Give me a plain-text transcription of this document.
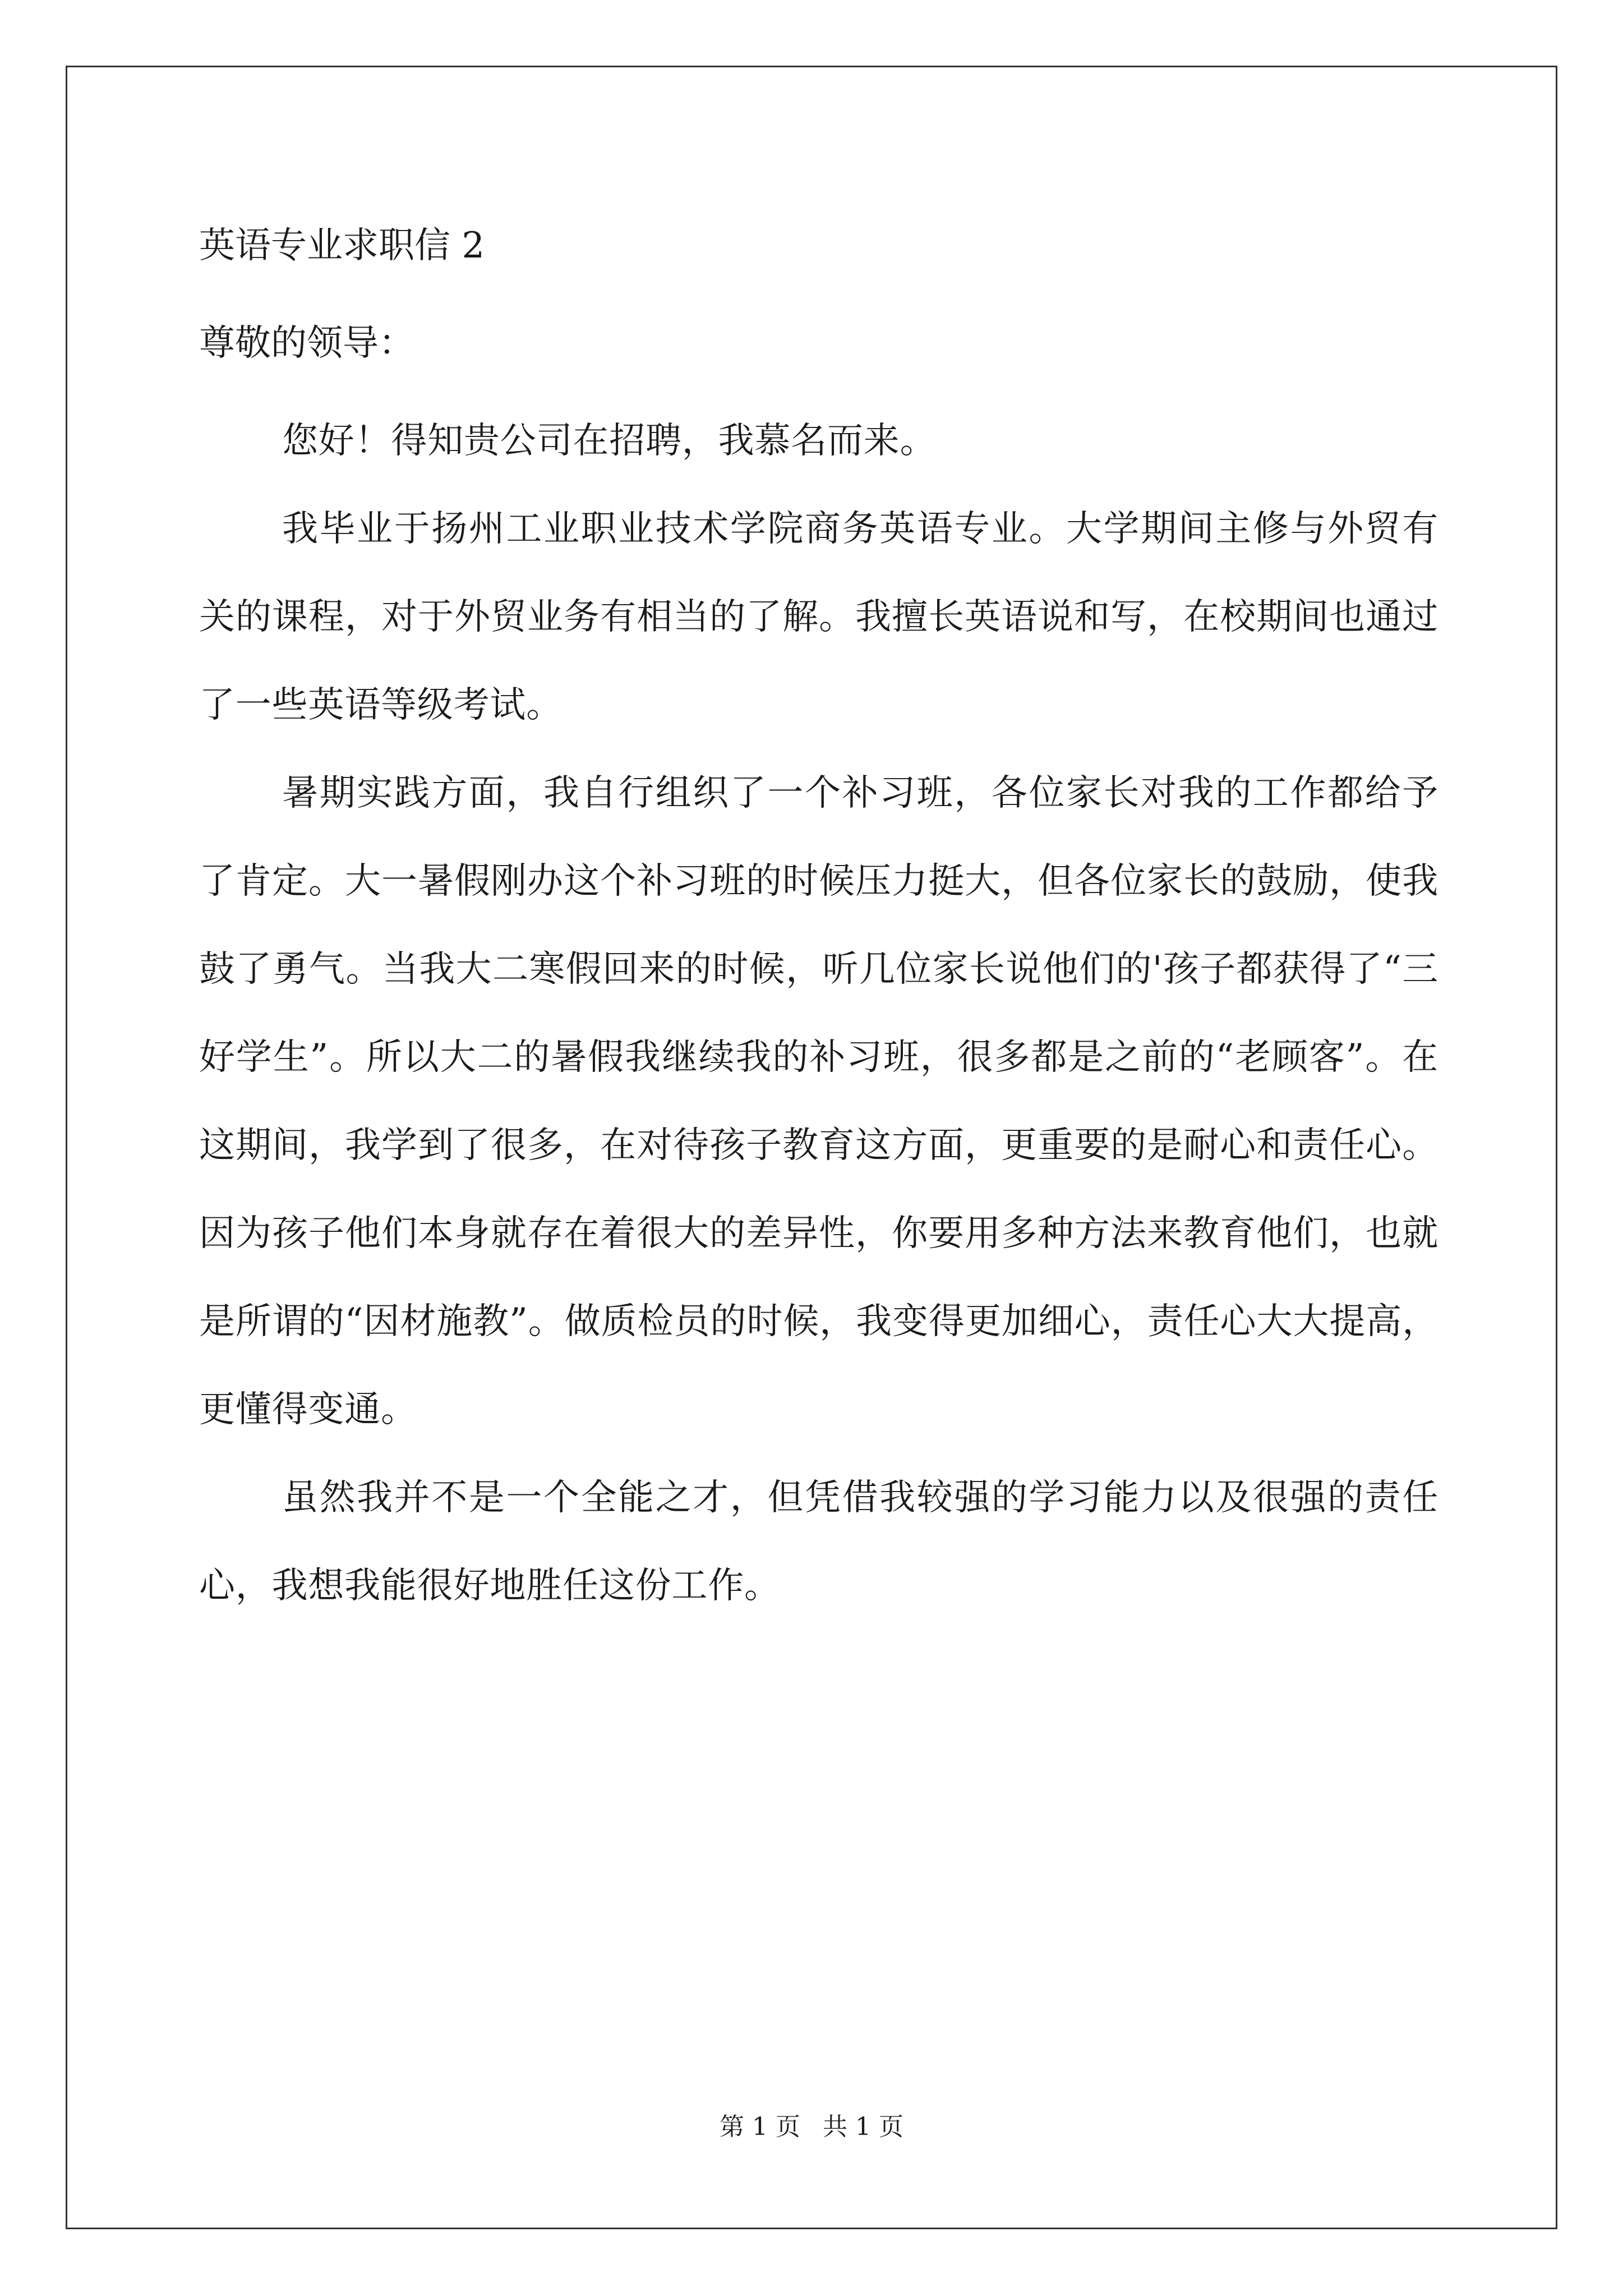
英语专业求职信 2
尊敬的领导：

您好！得知贵公司在招聘，我慕名而来。

我毕业于扬州工业职业技术学院商务英语专业。大学期间主修与外贸有关的课程，对于外贸业务有相当的了解。我擅长英语说和写，在校期间也通过了一些英语等级考试。

暑期实践方面，我自行组织了一个补习班，各位家长对我的工作都给予了肯定。大一暑假刚办这个补习班的时候压力挺大，但各位家长的鼓励，使我鼓了勇气。当我大二寒假回来的时候，听几位家长说他们的'孩子都获得了“三好学生”。所以大二的暑假我继续我的补习班，很多都是之前的“老顾客”。在这期间，我学到了很多，在对待孩子教育这方面，更重要的是耐心和责任心。因为孩子他们本身就存在着很大的差异性，你要用多种方法来教育他们，也就是所谓的“因材施教”。做质检员的时候，我变得更加细心，责任心大大提高，更懂得变通。

虽然我并不是一个全能之才，但凭借我较强的学习能力以及很强的责任心，我想我能很好地胜任这份工作。

第 1 页 共 1 页
